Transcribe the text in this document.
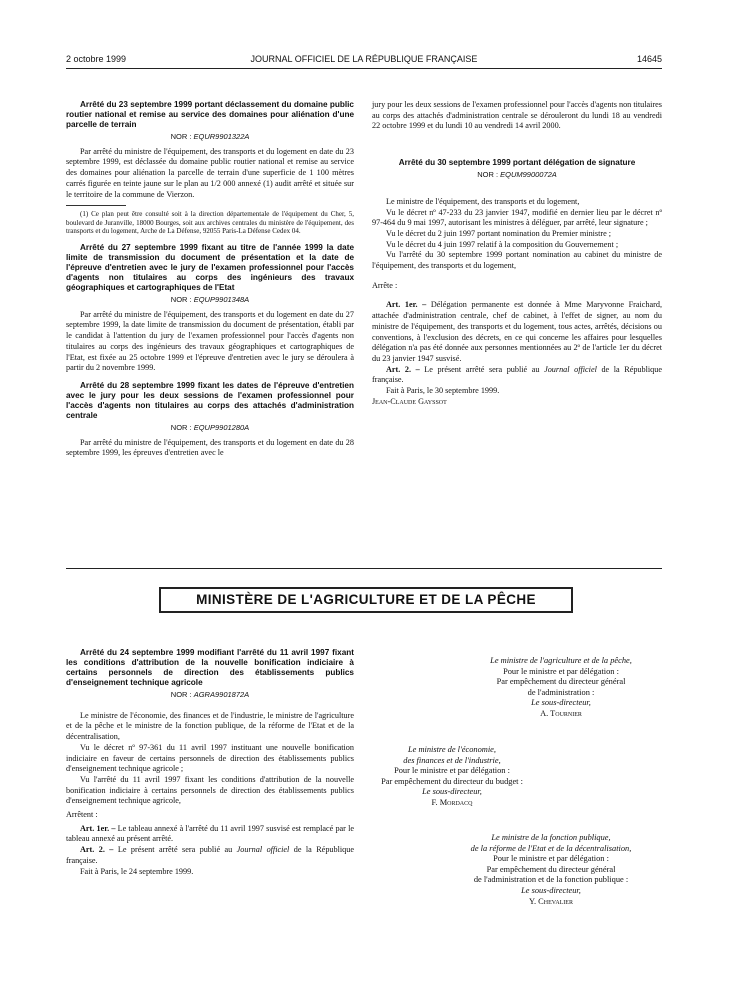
2 octobre 1999	JOURNAL OFFICIEL DE LA RÉPUBLIQUE FRANÇAISE	14645

Arrêté du 23 septembre 1999 portant déclassement du domaine public routier national et remise au service des domaines pour aliénation d'une parcelle de terrain

NOR : EQUR9901322A

Par arrêté du ministre de l'équipement, des transports et du logement en date du 23 septembre 1999, est déclassée du domaine public routier national et remise au service des domaines pour aliénation la parcelle de terrain d'une superficie de 1 100 mètres carrés figurée en teinte jaune sur le plan au 1/2 000 annexé (1) audit arrêté et située sur le territoire de la commune de Vierzon.

(1) Ce plan peut être consulté soit à la direction départementale de l'équipement du Cher, 5, boulevard de Juranville, 18000 Bourges, soit aux archives centrales du ministère de l'équipement, des transports et du logement, Arche de La Défense, 92055 Paris-La Défense Cedex 04.

Arrêté du 27 septembre 1999 fixant au titre de l'année 1999 la date limite de transmission du document de présentation et la date de l'épreuve d'entretien avec le jury de l'examen professionnel pour l'accès d'agents non titulaires au corps des ingénieurs des travaux géographiques et cartographiques de l'Etat

NOR : EQUP9901348A

Par arrêté du ministre de l'équipement, des transports et du logement en date du 27 septembre 1999, la date limite de transmission du document de présentation, établi par le candidat à l'attention du jury de l'examen professionnel pour l'accès d'agents non titulaires au corps des ingénieurs des travaux géographiques et cartographiques de l'Etat, est fixée au 25 octobre 1999 et l'épreuve d'entretien avec le jury se déroulera à partir du 2 novembre 1999.

Arrêté du 28 septembre 1999 fixant les dates de l'épreuve d'entretien avec le jury pour les deux sessions de l'examen professionnel pour l'accès d'agents non titulaires au corps des attachés d'administration centrale

NOR : EQUP9901280A

Par arrêté du ministre de l'équipement, des transports et du logement en date du 28 septembre 1999, les épreuves d'entretien avec le

jury pour les deux sessions de l'examen professionnel pour l'accès d'agents non titulaires au corps des attachés d'administration centrale se dérouleront du lundi 18 au vendredi 22 octobre 1999 et du lundi 10 au vendredi 14 avril 2000.

Arrêté du 30 septembre 1999 portant délégation de signature

NOR : EQUM9900072A

Le ministre de l'équipement, des transports et du logement,

Vu le décret nº 47-233 du 23 janvier 1947, modifié en dernier lieu par le décret nº 97-464 du 9 mai 1997, autorisant les ministres à déléguer, par arrêté, leur signature ;

Vu le décret du 2 juin 1997 portant nomination du Premier ministre ;

Vu le décret du 4 juin 1997 relatif à la composition du Gouvernement ;

Vu l'arrêté du 30 septembre 1999 portant nomination au cabinet du ministre de l'équipement, des transports et du logement,

Arrête :

Art. 1er. – Délégation permanente est donnée à Mme Maryvonne Fraichard, attachée d'administration centrale, chef de cabinet, à l'effet de signer, au nom du ministre de l'équipement, des transports et du logement, tous actes, arrêtés, décisions ou conventions, à l'exclusion des décrets, en ce qui concerne les affaires pour lesquelles délégation n'a pas été donnée aux personnes mentionnées au 2º de l'article 1er du décret du 23 janvier 1947 susvisé.

Art. 2. – Le présent arrêté sera publié au Journal officiel de la République française.

Fait à Paris, le 30 septembre 1999.

Jean-Claude Gayssot

MINISTÈRE DE L'AGRICULTURE ET DE LA PÊCHE

Arrêté du 24 septembre 1999 modifiant l'arrêté du 11 avril 1997 fixant les conditions d'attribution de la nouvelle bonification indiciaire à certains personnels de direction des établissements publics d'enseignement technique agricole

NOR : AGRA9901872A

Le ministre de l'économie, des finances et de l'industrie, le ministre de l'agriculture et de la pêche et le ministre de la fonction publique, de la réforme de l'Etat et de la décentralisation,

Vu le décret nº 97-361 du 11 avril 1997 instituant une nouvelle bonification indiciaire en faveur de certains personnels de direction des établissements publics d'enseignement technique agricole ;

Vu l'arrêté du 11 avril 1997 fixant les conditions d'attribution de la nouvelle bonification indiciaire à certains personnels de direction des établissements publics d'enseignement technique agricole,

Arrêtent :

Art. 1er. – Le tableau annexé à l'arrêté du 11 avril 1997 susvisé est remplacé par le tableau annexé au présent arrêté.

Art. 2. – Le présent arrêté sera publié au Journal officiel de la République française.

Fait à Paris, le 24 septembre 1999.

Le ministre de l'agriculture et de la pêche,
Pour le ministre et par délégation :
Par empêchement du directeur général
de l'administration :
Le sous-directeur,
A. Tournier
Le ministre de l'économie,
des finances et de l'industrie,
Pour le ministre et par délégation :
Par empêchement du directeur du budget :
Le sous-directeur,
F. Mordacq
Le ministre de la fonction publique,
de la réforme de l'Etat et de la décentralisation,
Pour le ministre et par délégation :
Par empêchement du directeur général
de l'administration et de la fonction publique :
Le sous-directeur,
Y. Chevalier
